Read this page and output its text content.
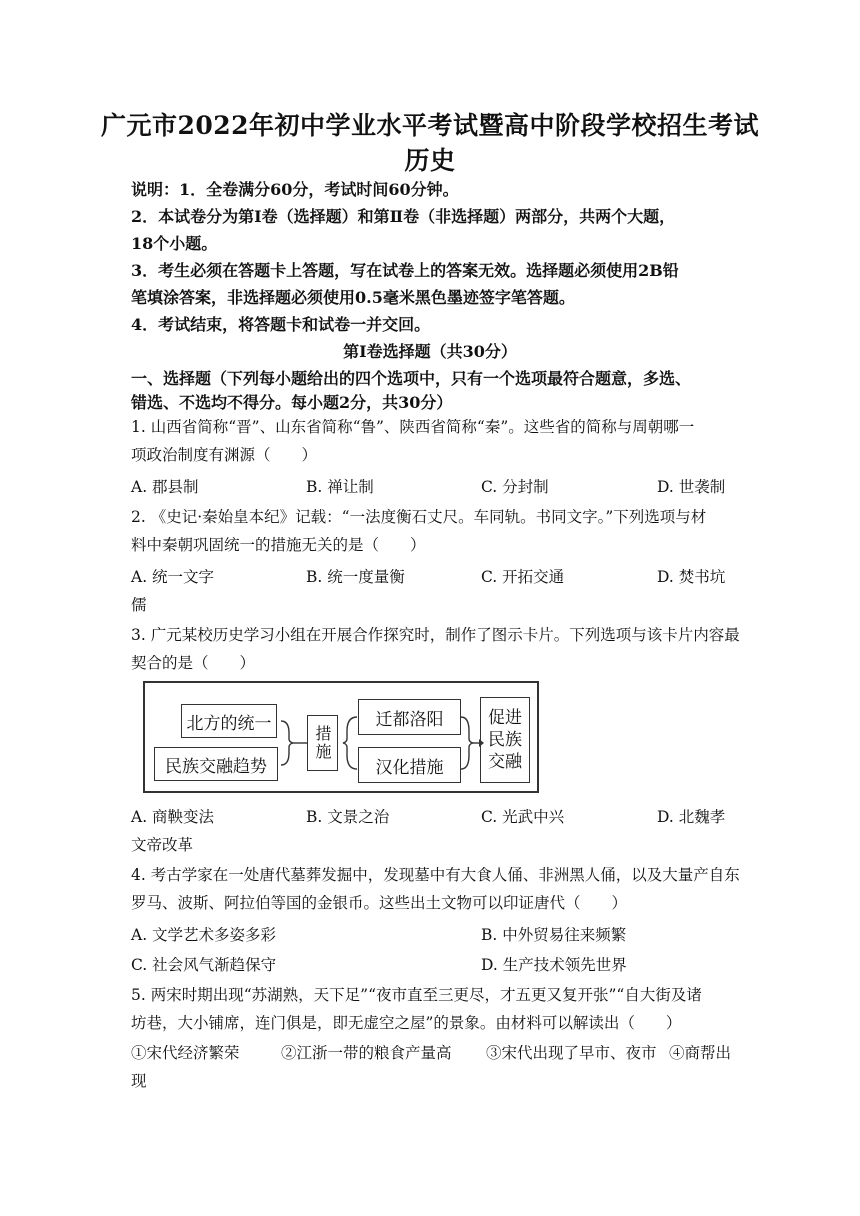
广元市2022年初中学业水平考试暨高中阶段学校招生考试
历史
说明：1．全卷满分60分，考试时间60分钟。
2．本试卷分为第Ⅰ卷（选择题）和第Ⅱ卷（非选择题）两部分，共两个大题，
18个小题。
3．考生必须在答题卡上答题，写在试卷上的答案无效。选择题必须使用2B铅
笔填涂答案，非选择题必须使用0.5毫米黑色墨迹签字笔答题。
4．考试结束，将答题卡和试卷一并交回。
第Ⅰ卷选择题（共30分）
一、选择题（下列每小题给出的四个选项中，只有一个选项最符合题意，多选、
错选、不选均不得分。每小题2分，共30分）
1. 山西省简称“晋”、山东省简称“鲁”、陕西省简称“秦”。这些省的简称与周朝哪一
项政治制度有渊源（　　）
A. 郡县制	B. 禅让制	C. 分封制	D. 世袭制
2. 《史记·秦始皇本纪》记载：“一法度衡石丈尺。车同轨。书同文字。”下列选项与材
料中秦朝巩固统一的措施无关的是（　　）
A. 统一文字	B. 统一度量衡	C. 开拓交通	D. 焚书坑
儒
3. 广元某校历史学习小组在开展合作探究时，制作了图示卡片。下列选项与该卡片内容最
契合的是（　　）
北方的统一
民族交融趋势
措施
迁都洛阳
汉化措施
促进
民族
交融
A. 商鞅变法	B. 文景之治	C. 光武中兴	D. 北魏孝
文帝改革
4. 考古学家在一处唐代墓葬发掘中，发现墓中有大食人俑、非洲黑人俑，以及大量产自东
罗马、波斯、阿拉伯等国的金银币。这些出土文物可以印证唐代（　　）
A. 文学艺术多姿多彩	B. 中外贸易往来频繁
C. 社会风气渐趋保守	D. 生产技术领先世界
5. 两宋时期出现“苏湖熟，天下足”“夜市直至三更尽，才五更又复开张”“自大街及诸
坊巷，大小铺席，连门俱是，即无虚空之屋”的景象。由材料可以解读出（　　）
①宋代经济繁荣	②江浙一带的粮食产量高 ③宋代出现了早市、夜市 ④商帮出
现
